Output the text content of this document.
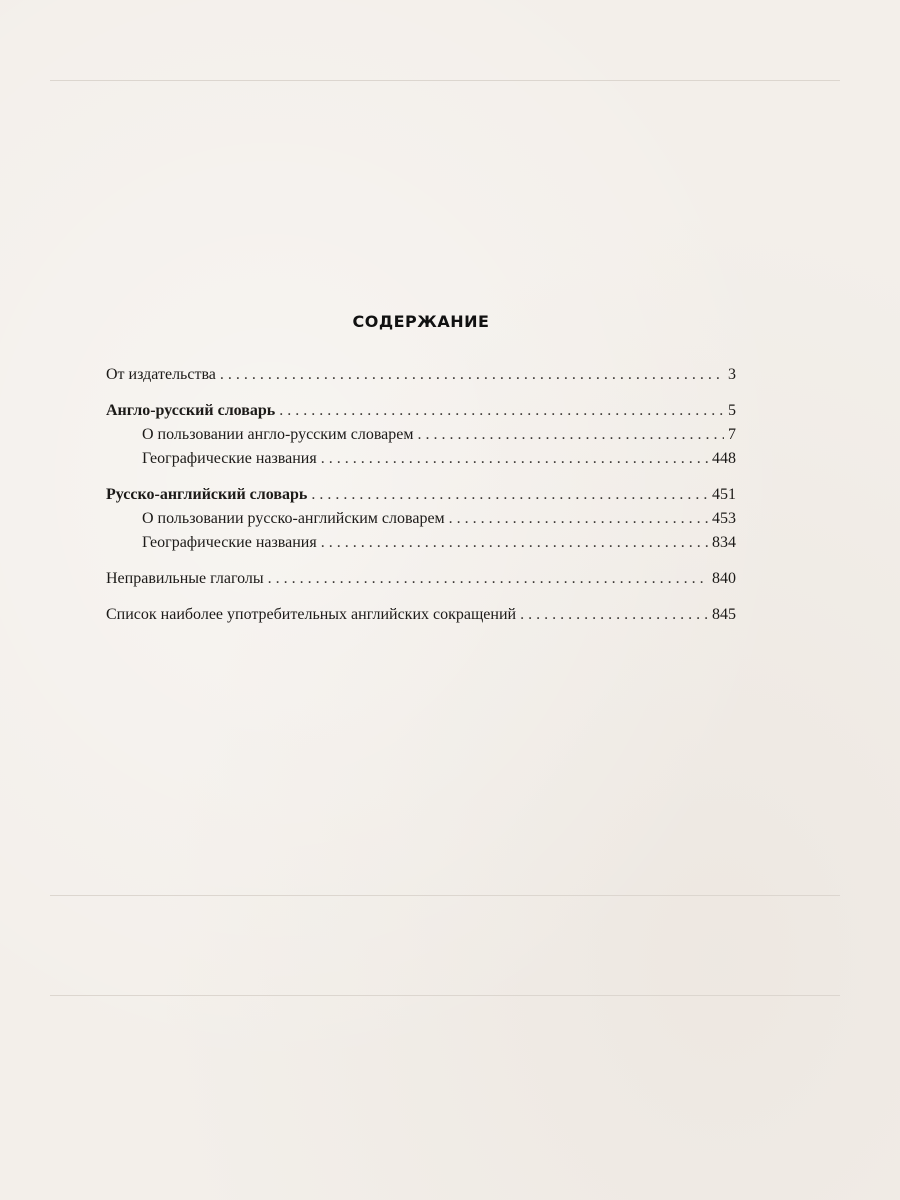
СОДЕРЖАНИЕ
От издательства . . .	3
Англо-русский словарь . . .	5
О пользовании англо-русским словарем . . .	7
Географические названия . . .	448
Русско-английский словарь . . .	451
О пользовании русско-английским словарем . . .	453
Географические названия . . .	834
Неправильные глаголы . . .	840
Список наиболее употребительных английских сокращений . . .	845
